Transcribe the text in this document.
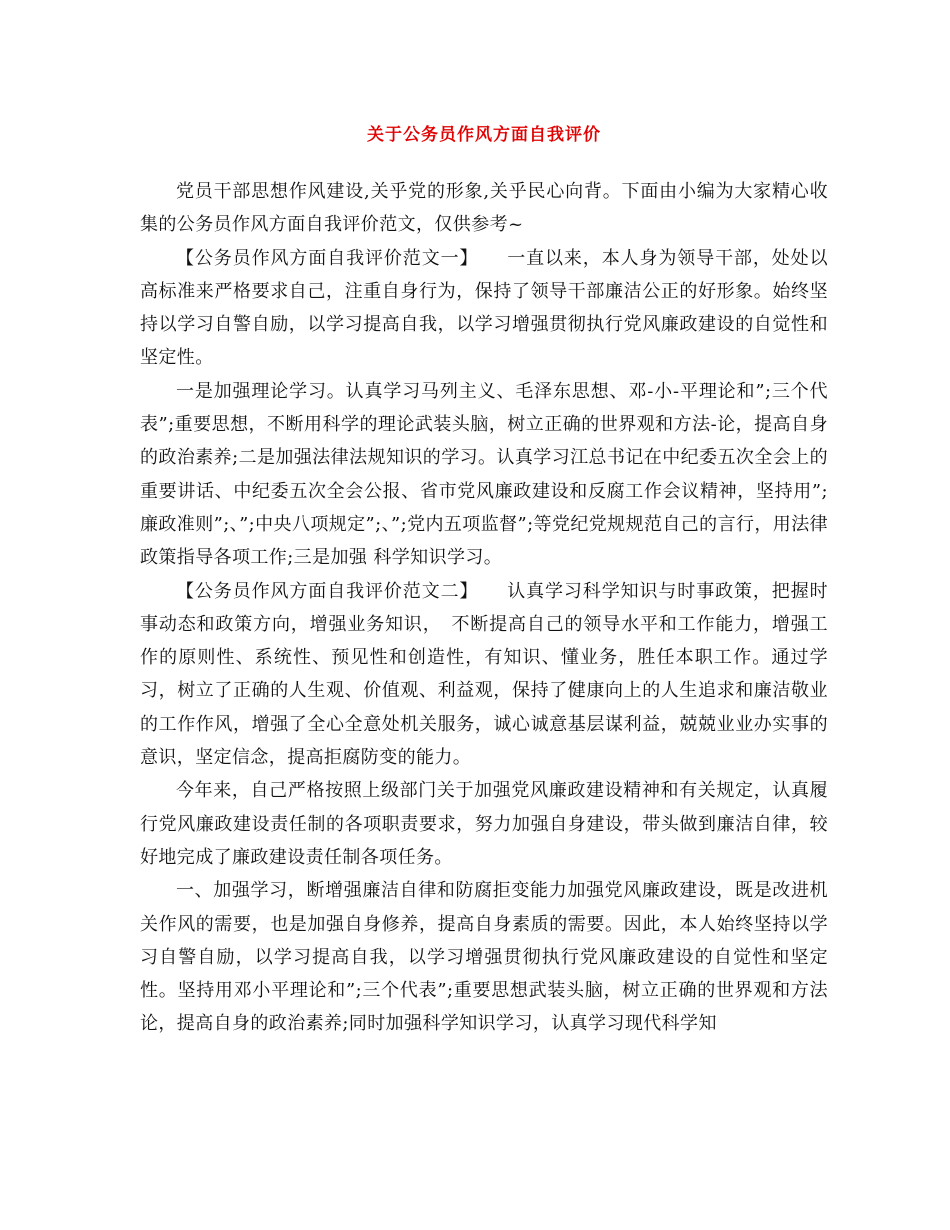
关于公务员作风方面自我评价

党员干部思想作风建设,关乎党的形象,关乎民心向背。下面由小编为大家精心收集的公务员作风方面自我评价范文，仅供参考~

【公务员作风方面自我评价范文一】　　一直以来，本人身为领导干部，处处以高标准来严格要求自己，注重自身行为，保持了领导干部廉洁公正的好形象。始终坚持以学习自警自励，以学习提高自我，以学习增强贯彻执行党风廉政建设的自觉性和坚定性。

一是加强理论学习。认真学习马列主义、毛泽东思想、邓-小-平理论和”;三个代表”;重要思想，不断用科学的理论武装头脑，树立正确的世界观和方法-论，提高自身的政治素养;二是加强法律法规知识的学习。认真学习江总书记在中纪委五次全会上的重要讲话、中纪委五次全会公报、省市党风廉政建设和反腐工作会议精神，坚持用”;廉政准则”;、”;中央八项规定”;、”;党内五项监督”;等党纪党规规范自己的言行，用法律政策指导各项工作;三是加强 科学知识学习。

【公务员作风方面自我评价范文二】　　认真学习科学知识与时事政策，把握时事动态和政策方向，增强业务知识，　不断提高自己的领导水平和工作能力，增强工作的原则性、系统性、预见性和创造性，有知识、懂业务，胜任本职工作。通过学习，树立了正确的人生观、价值观、利益观，保持了健康向上的人生追求和廉洁敬业的工作作风，增强了全心全意处机关服务，诚心诚意基层谋利益，兢兢业业办实事的意识，坚定信念，提高拒腐防变的能力。

今年来，自己严格按照上级部门关于加强党风廉政建设精神和有关规定，认真履行党风廉政建设责任制的各项职责要求，努力加强自身建设，带头做到廉洁自律，较好地完成了廉政建设责任制各项任务。

一、加强学习，断增强廉洁自律和防腐拒变能力加强党风廉政建设，既是改进机关作风的需要，也是加强自身修养，提高自身素质的需要。因此，本人始终坚持以学习自警自励，以学习提高自我，以学习增强贯彻执行党风廉政建设的自觉性和坚定性。坚持用邓小平理论和”;三个代表”;重要思想武装头脑，树立正确的世界观和方法论，提高自身的政治素养;同时加强科学知识学习，认真学习现代科学知
